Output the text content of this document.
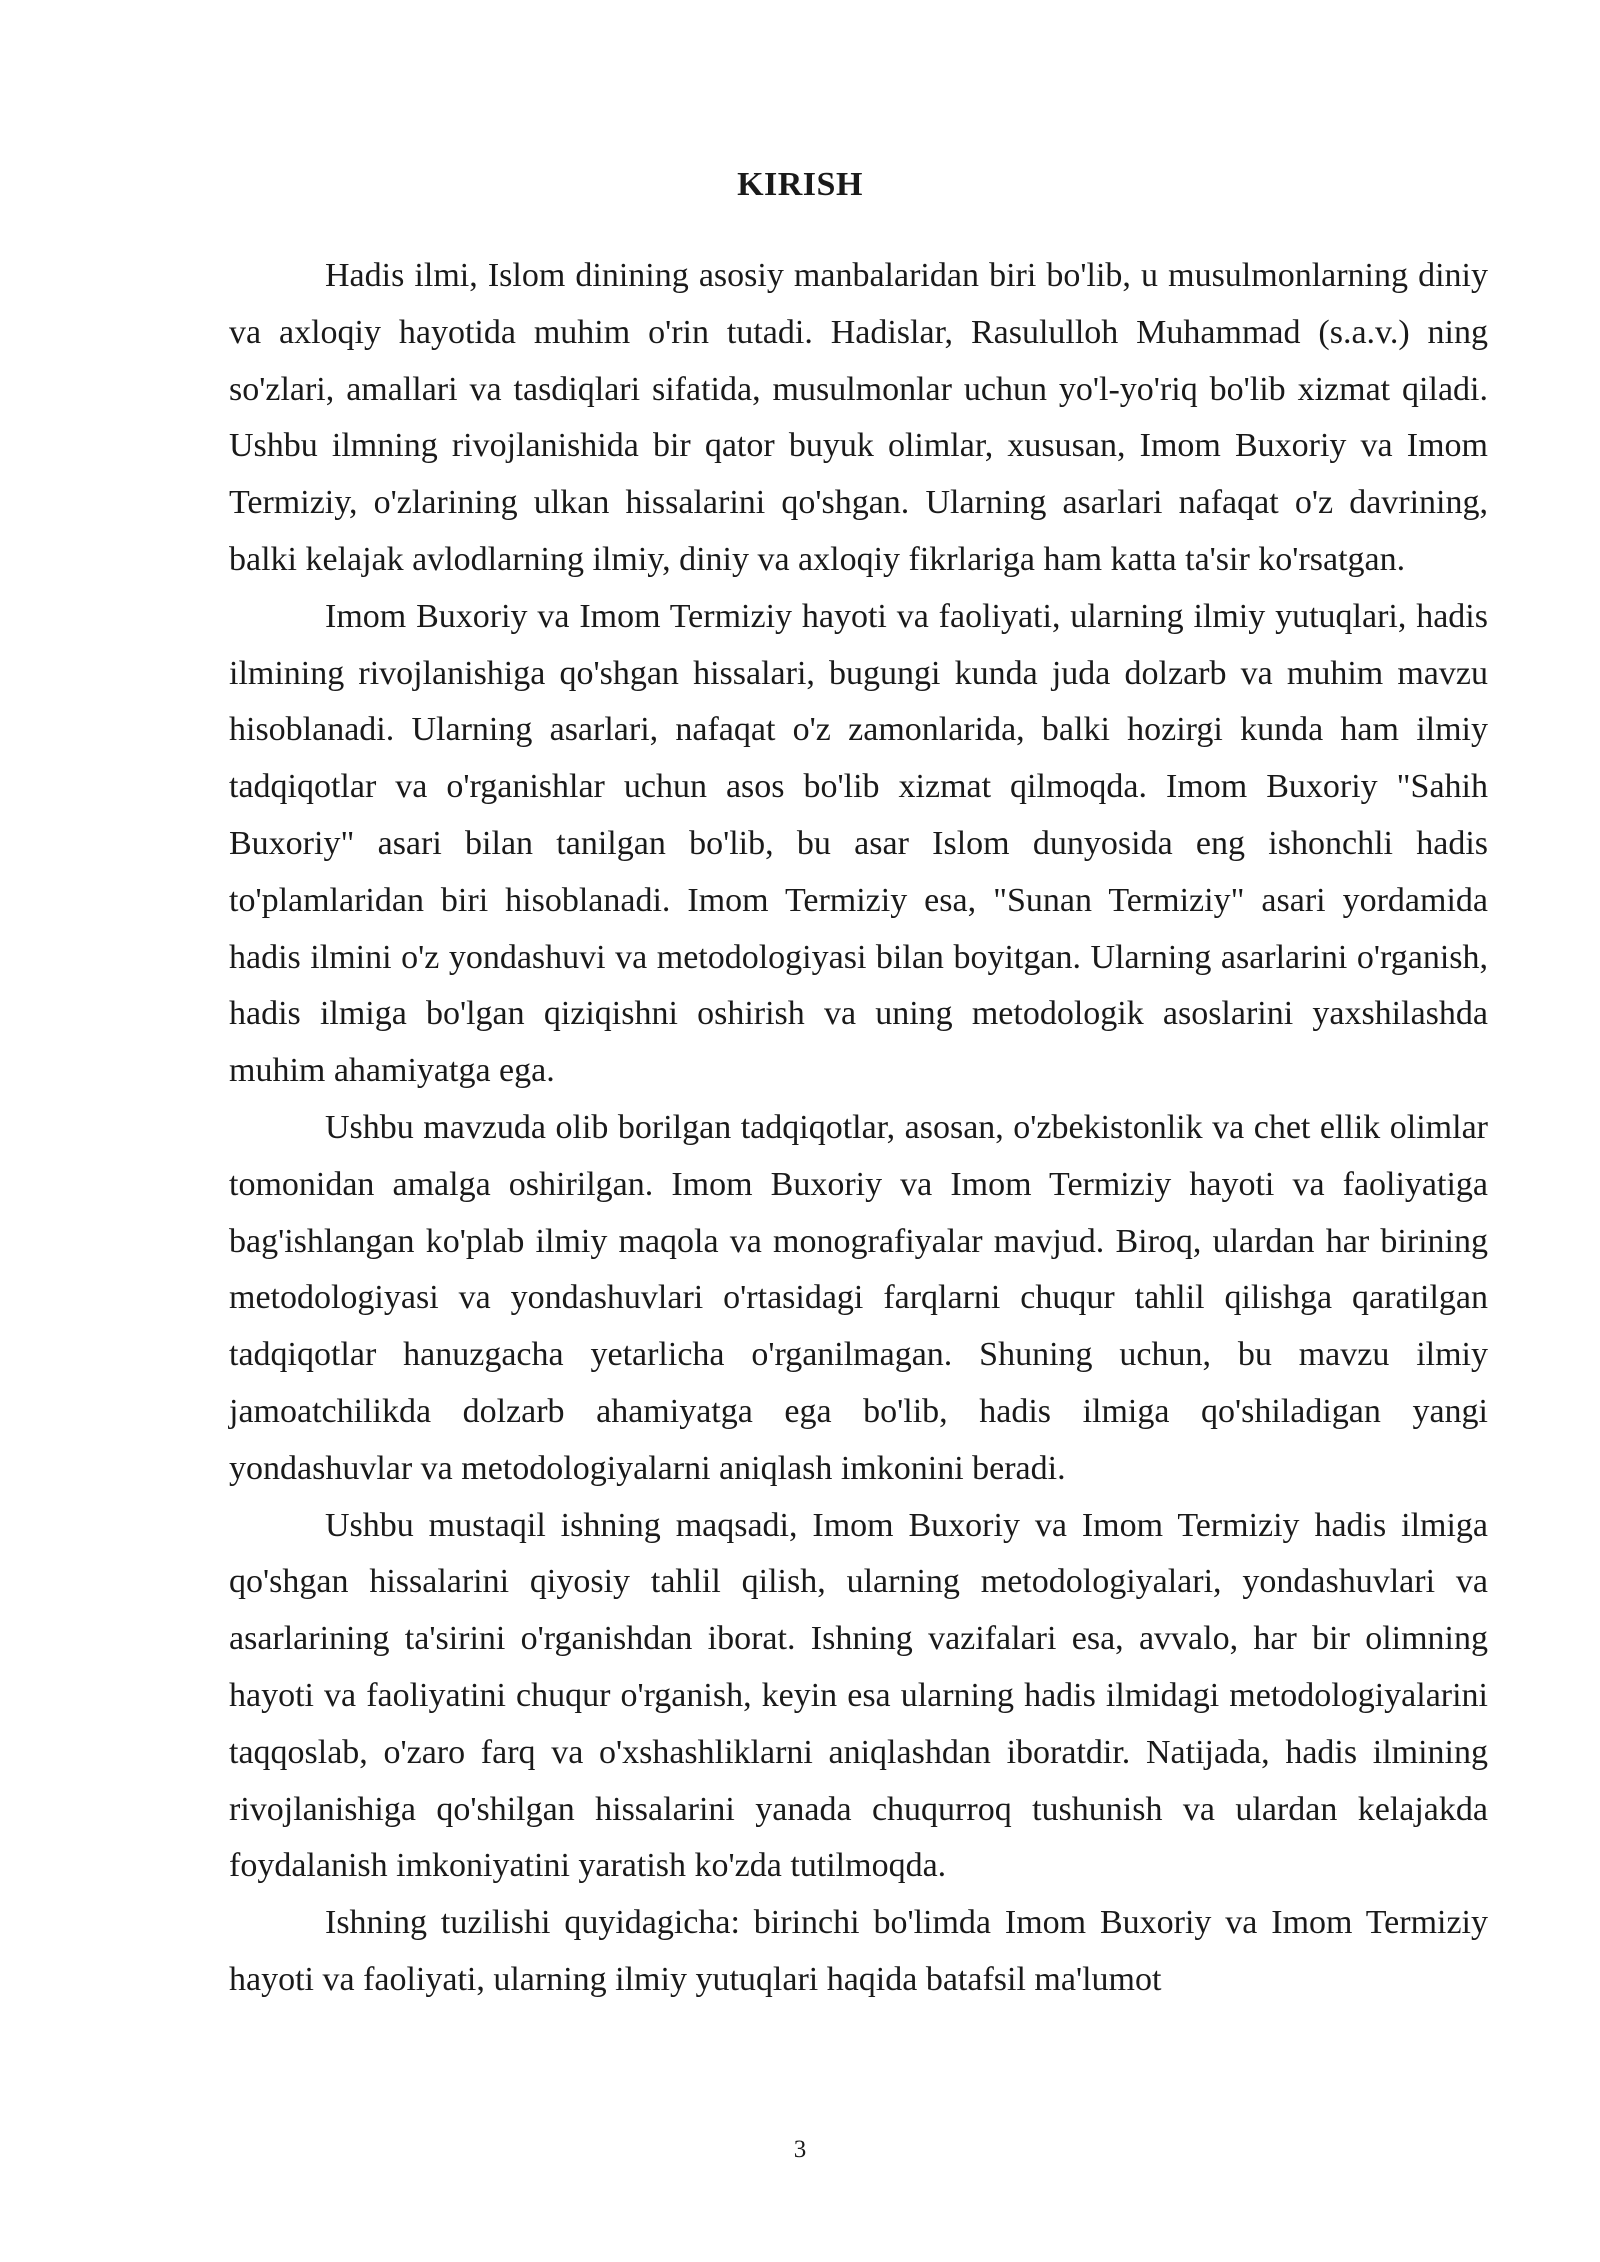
KIRISH

Hadis ilmi, Islom dinining asosiy manbalaridan biri bo'lib, u musulmonlarning diniy va axloqiy hayotida muhim o'rin tutadi. Hadislar, Rasululloh Muhammad (s.a.v.) ning so'zlari, amallari va tasdiqlari sifatida, musulmonlar uchun yo'l-yo'riq bo'lib xizmat qiladi. Ushbu ilmning rivojlanishida bir qator buyuk olimlar, xususan, Imom Buxoriy va Imom Termiziy, o'zlarining ulkan hissalarini qo'shgan. Ularning asarlari nafaqat o'z davrining, balki kelajak avlodlarning ilmiy, diniy va axloqiy fikrlariga ham katta ta'sir ko'rsatgan.

Imom Buxoriy va Imom Termiziy hayoti va faoliyati, ularning ilmiy yutuqlari, hadis ilmining rivojlanishiga qo'shgan hissalari, bugungi kunda juda dolzarb va muhim mavzu hisoblanadi. Ularning asarlari, nafaqat o'z zamonlarida, balki hozirgi kunda ham ilmiy tadqiqotlar va o'rganishlar uchun asos bo'lib xizmat qilmoqda. Imom Buxoriy "Sahih Buxoriy" asari bilan tanilgan bo'lib, bu asar Islom dunyosida eng ishonchli hadis to'plamlaridan biri hisoblanadi. Imom Termiziy esa, "Sunan Termiziy" asari yordamida hadis ilmini o'z yondashuvi va metodologiyasi bilan boyitgan. Ularning asarlarini o'rganish, hadis ilmiga bo'lgan qiziqishni oshirish va uning metodologik asoslarini yaxshilashda muhim ahamiyatga ega.

Ushbu mavzuda olib borilgan tadqiqotlar, asosan, o'zbekistonlik va chet ellik olimlar tomonidan amalga oshirilgan. Imom Buxoriy va Imom Termiziy hayoti va faoliyatiga bag'ishlangan ko'plab ilmiy maqola va monografiyalar mavjud. Biroq, ulardan har birining metodologiyasi va yondashuvlari o'rtasidagi farqlarni chuqur tahlil qilishga qaratilgan tadqiqotlar hanuzgacha yetarlicha o'rganilmagan. Shuning uchun, bu mavzu ilmiy jamoatchilikda dolzarb ahamiyatga ega bo'lib, hadis ilmiga qo'shiladigan yangi yondashuvlar va metodologiyalarni aniqlash imkonini beradi.

Ushbu mustaqil ishning maqsadi, Imom Buxoriy va Imom Termiziy hadis ilmiga qo'shgan hissalarini qiyosiy tahlil qilish, ularning metodologiyalari, yondashuvlari va asarlarining ta'sirini o'rganishdan iborat. Ishning vazifalari esa, avvalo, har bir olimning hayoti va faoliyatini chuqur o'rganish, keyin esa ularning hadis ilmidagi metodologiyalarini taqqoslab, o'zaro farq va o'xshashliklarni aniqlashdan iboratdir. Natijada, hadis ilmining rivojlanishiga qo'shilgan hissalarini yanada chuqurroq tushunish va ulardan kelajakda foydalanish imkoniyatini yaratish ko'zda tutilmoqda.

Ishning tuzilishi quyidagicha: birinchi bo'limda Imom Buxoriy va Imom Termiziy hayoti va faoliyati, ularning ilmiy yutuqlari haqida batafsil ma'lumot

3
